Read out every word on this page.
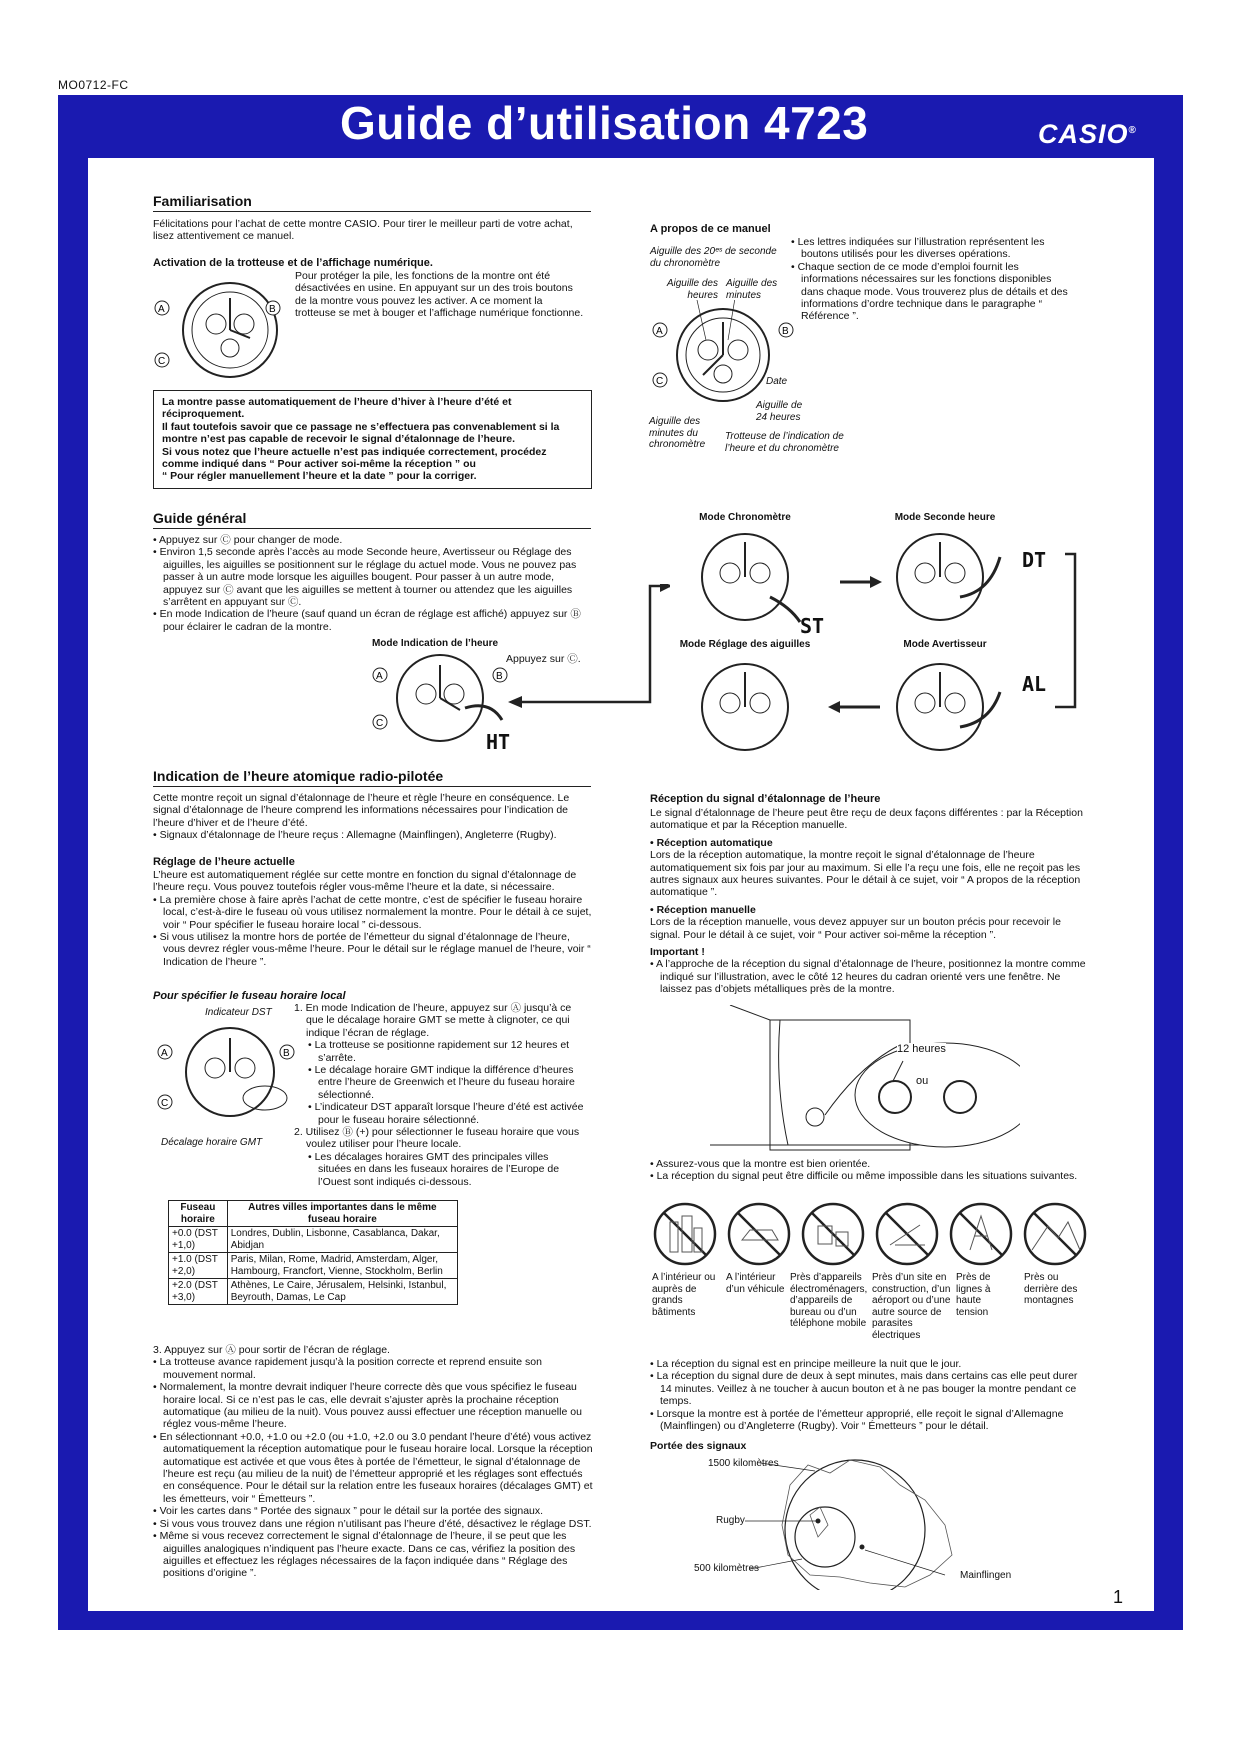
MO0712-FC
Guide d’utilisation 4723	CASIO®
Familiarisation
Félicitations pour l’achat de cette montre CASIO. Pour tirer le meilleur parti de votre achat, lisez attentivement ce manuel.
Activation de la trotteuse et de l’affichage numérique.
Pour protéger la pile, les fonctions de la montre ont été désactivées en usine. En appuyant sur un des trois boutons de la montre vous pouvez les activer. A ce moment la trotteuse se met à bouger et l’affichage numérique fonctionne.
A	B
C
La montre passe automatiquement de l’heure d’hiver à l’heure d’été et réciproquement.
Il faut toutefois savoir que ce passage ne s’effectuera pas convenablement si la montre n’est pas capable de recevoir le signal d’étalonnage de l’heure.
Si vous notez que l’heure actuelle n’est pas indiquée correctement, procédez comme indiqué dans “ Pour activer soi-même la réception ” ou
“ Pour régler manuellement l’heure et la date ” pour la corriger.
A propos de ce manuel
Aiguille des 20ᵉˢ de seconde du chronomètre
Aiguille des heures
Aiguille des minutes
A	B
C	Date
Aiguille de 24 heures
Aiguille des minutes du chronomètre
Trotteuse de l’indication de l’heure et du chronomètre

• Les lettres indiquées sur l’illustration représentent les boutons utilisés pour les diverses opérations.

• Chaque section de ce mode d’emploi fournit les informations nécessaires sur les fonctions disponibles dans chaque mode. Vous trouverez plus de détails et des informations d’ordre technique dans le paragraphe “ Référence ”.

Guide général

• Appuyez sur Ⓒ pour changer de mode.

• Environ 1,5 seconde après l’accès au mode Seconde heure, Avertisseur ou Réglage des aiguilles, les aiguilles se positionnent sur le réglage du actuel mode. Vous ne pouvez pas passer à un autre mode lorsque les aiguilles bougent. Pour passer à un autre mode, appuyez sur Ⓒ avant que les aiguilles se mettent à tourner ou attendez que les aiguilles s’arrêtent en appuyant sur Ⓒ.

• En mode Indication de l’heure (sauf quand un écran de réglage est affiché) appuyez sur Ⓑ pour éclairer le cadran de la montre.

Mode Indication de l’heure
Appuyez sur Ⓒ.
A
C
B
HT
Mode Chronomètre	Mode Seconde heure
Mode Réglage des aiguilles	Mode Avertisseur
DT
ST
AL
Indication de l’heure atomique radio-pilotée

Cette montre reçoit un signal d’étalonnage de l’heure et règle l’heure en conséquence. Le signal d’étalonnage de l’heure comprend les informations nécessaires pour l’indication de l’heure d’hiver et de l’heure d’été.

• Signaux d’étalonnage de l’heure reçus : Allemagne (Mainflingen), Angleterre (Rugby).

Réglage de l’heure actuelle

L’heure est automatiquement réglée sur cette montre en fonction du signal d’étalonnage de l’heure reçu. Vous pouvez toutefois régler vous-même l’heure et la date, si nécessaire.

• La première chose à faire après l’achat de cette montre, c’est de spécifier le fuseau horaire local, c’est-à-dire le fuseau où vous utilisez normalement la montre. Pour le détail à ce sujet, voir “ Pour spécifier le fuseau horaire local ” ci-dessous.

• Si vous utilisez la montre hors de portée de l’émetteur du signal d’étalonnage de l’heure, vous devrez régler vous-même l’heure. Pour le détail sur le réglage manuel de l’heure, voir “ Indication de l’heure ”.

Pour spécifier le fuseau horaire local
Indicateur DST
A	B
C
Décalage horaire GMT

1. En mode Indication de l’heure, appuyez sur Ⓐ jusqu’à ce que le décalage horaire GMT se mette à clignoter, ce qui indique l’écran de réglage.

• La trotteuse se positionne rapidement sur 12 heures et s’arrête.

• Le décalage horaire GMT indique la différence d’heures entre l’heure de Greenwich et l’heure du fuseau horaire sélectionné.

• L’indicateur DST apparaît lorsque l’heure d’été est activée pour le fuseau horaire sélectionné.

2. Utilisez Ⓑ (+) pour sélectionner le fuseau horaire que vous voulez utiliser pour l’heure locale.

• Les décalages horaires GMT des principales villes situées en dans les fuseaux horaires de l’Europe de l’Ouest sont indiqués ci-dessous.

Fuseau horaire	Autres villes importantes dans le même fuseau horaire
+0.0 (DST +1,0)	Londres, Dublin, Lisbonne, Casablanca, Dakar, Abidjan
+1.0 (DST +2,0)	Paris, Milan, Rome, Madrid, Amsterdam, Alger, Hambourg, Francfort, Vienne, Stockholm, Berlin
+2.0 (DST +3,0)	Athènes, Le Caire, Jérusalem, Helsinki, Istanbul, Beyrouth, Damas, Le Cap

3. Appuyez sur Ⓐ pour sortir de l’écran de réglage.

• La trotteuse avance rapidement jusqu’à la position correcte et reprend ensuite son mouvement normal.

• Normalement, la montre devrait indiquer l’heure correcte dès que vous spécifiez le fuseau horaire local. Si ce n’est pas le cas, elle devrait s’ajuster après la prochaine réception automatique (au milieu de la nuit). Vous pouvez aussi effectuer une réception manuelle ou réglez vous-même l’heure.

• En sélectionnant +0.0, +1.0 ou +2.0 (ou +1.0, +2.0 ou 3.0 pendant l’heure d’été) vous activez automatiquement la réception automatique pour le fuseau horaire local. Lorsque la réception automatique est activée et que vous êtes à portée de l’émetteur, le signal d’étalonnage de l’heure est reçu (au milieu de la nuit) de l’émetteur approprié et les réglages sont effectués en conséquence. Pour le détail sur la relation entre les fuseaux horaires (décalages GMT) et les émetteurs, voir “ Émetteurs ”.

• Voir les cartes dans “ Portée des signaux ” pour le détail sur la portée des signaux.

• Si vous vous trouvez dans une région n’utilisant pas l’heure d’été, désactivez le réglage DST.

• Même si vous recevez correctement le signal d’étalonnage de l’heure, il se peut que les aiguilles analogiques n’indiquent pas l’heure exacte. Dans ce cas, vérifiez la position des aiguilles et effectuez les réglages nécessaires de la façon indiquée dans “ Réglage des positions d’origine ”.

Réception du signal d’étalonnage de l’heure

Le signal d’étalonnage de l’heure peut être reçu de deux façons différentes : par la Réception automatique et par la Réception manuelle.

• Réception automatique

Lors de la réception automatique, la montre reçoit le signal d’étalonnage de l’heure automatiquement six fois par jour au maximum. Si elle l’a reçu une fois, elle ne reçoit pas les autres signaux aux heures suivantes. Pour le détail à ce sujet, voir “ A propos de la réception automatique ”.

• Réception manuelle

Lors de la réception manuelle, vous devez appuyer sur un bouton précis pour recevoir le signal. Pour le détail à ce sujet, voir “ Pour activer soi-même la réception ”.

Important !

• A l’approche de la réception du signal d’étalonnage de l’heure, positionnez la montre comme indiqué sur l’illustration, avec le côté 12 heures du cadran orienté vers une fenêtre. Ne laissez pas d’objets métalliques près de la montre.

12 heures
ou

• Assurez-vous que la montre est bien orientée.

• La réception du signal peut être difficile ou même impossible dans les situations suivantes.

A l’intérieur ou auprès de grands bâtiments
A l’intérieur d’un véhicule
Près d’appareils électroménagers, d’appareils de bureau ou d’un téléphone mobile
Près d’un site en construction, d’un aéroport ou d’une autre source de parasites électriques
Près de lignes à haute tension
Près ou derrière des montagnes

• La réception du signal est en principe meilleure la nuit que le jour.

• La réception du signal dure de deux à sept minutes, mais dans certains cas elle peut durer 14 minutes. Veillez à ne toucher à aucun bouton et à ne pas bouger la montre pendant ce temps.

• Lorsque la montre est à portée de l’émetteur approprié, elle reçoit le signal d’Allemagne (Mainflingen) ou d’Angleterre (Rugby). Voir “ Émetteurs ” pour le détail.

Portée des signaux
1500 kilomètres
Rugby
500 kilomètres
Mainflingen
1
